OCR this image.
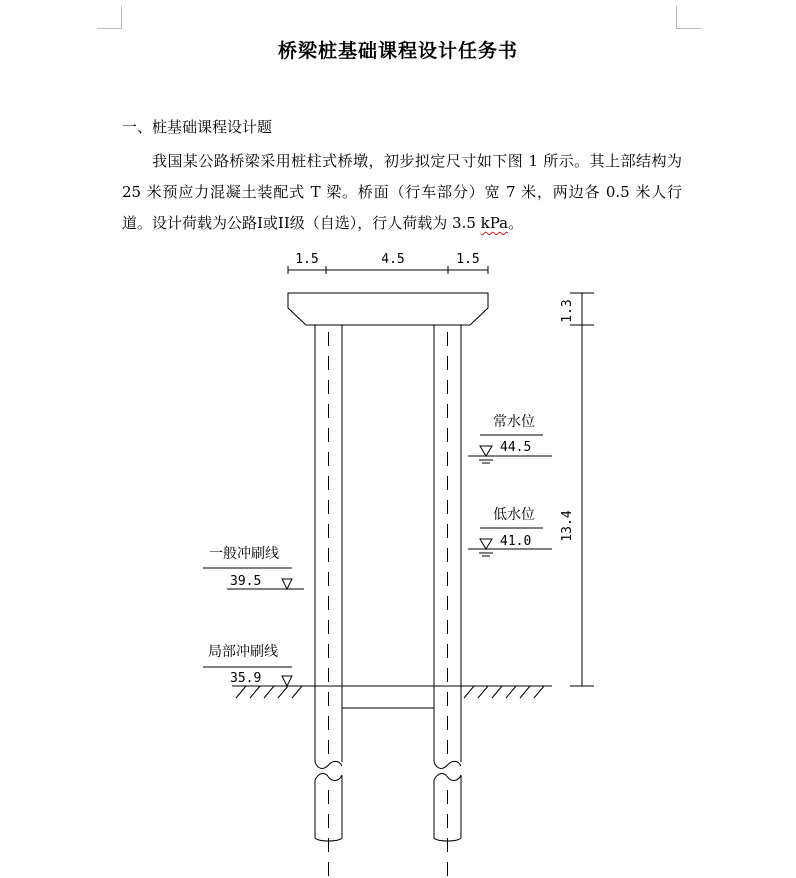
桥梁桩基础课程设计任务书
一、桩基础课程设计题

我国某公路桥梁采用桩柱式桥墩，初步拟定尺寸如下图 1 所示。其上部结构为 25 米预应力混凝土装配式 T 梁。桥面（行车部分）宽 7 米，两边各 0.5 米人行道。设计荷载为公路Ⅰ或ⅠⅠ级（自选），行人荷载为 3.5 kPa。

1.5	4.5	1.5
1.3
13.4
常水位
44.5
低水位
41.0
一般冲刷线
39.5
局部冲刷线
35.9
